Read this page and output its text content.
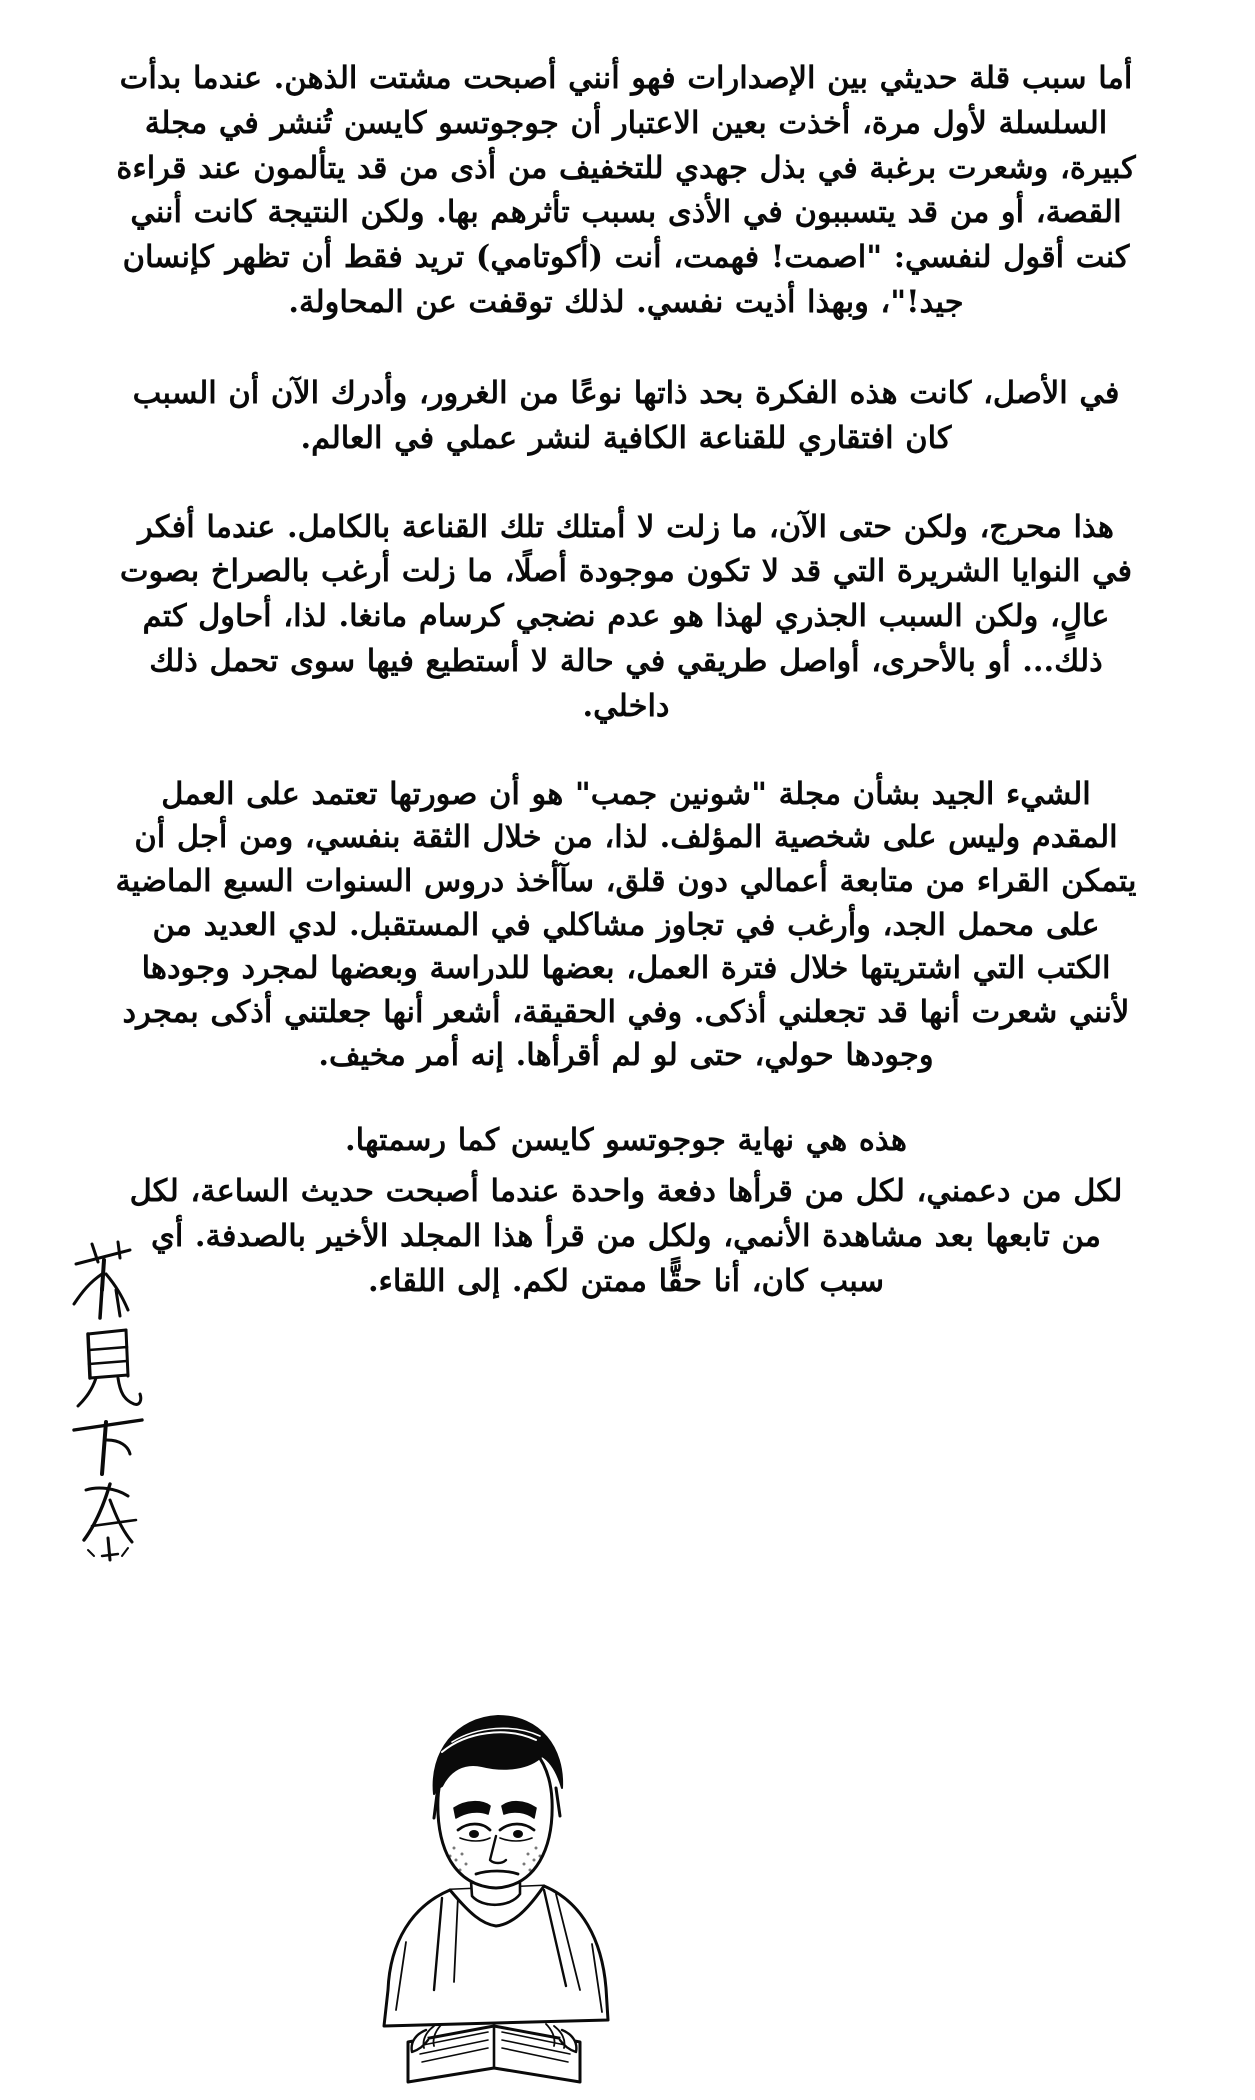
أما سبب قلة حديثي بين الإصدارات فهو أنني أصبحت مشتت الذهن. عندما بدأت السلسلة لأول مرة، أخذت بعين الاعتبار أن جوجوتسو كايسن تُنشر في مجلة كبيرة، وشعرت برغبة في بذل جهدي للتخفيف من أذى من قد يتألمون عند قراءة القصة، أو من قد يتسببون في الأذى بسبب تأثرهم بها. ولكن النتيجة كانت أنني كنت أقول لنفسي: "اصمت! فهمت، أنت (أكوتامي) تريد فقط أن تظهر كإنسان جيد!"، وبهذا أذيت نفسي. لذلك توقفت عن المحاولة.

في الأصل، كانت هذه الفكرة بحد ذاتها نوعًا من الغرور، وأدرك الآن أن السبب كان افتقاري للقناعة الكافية لنشر عملي في العالم.

هذا محرج، ولكن حتى الآن، ما زلت لا أمتلك تلك القناعة بالكامل. عندما أفكر في النوايا الشريرة التي قد لا تكون موجودة أصلًا، ما زلت أرغب بالصراخ بصوت عالٍ، ولكن السبب الجذري لهذا هو عدم نضجي كرسام مانغا. لذا، أحاول كتم ذلك... أو بالأحرى، أواصل طريقي في حالة لا أستطيع فيها سوى تحمل ذلك داخلي.

الشيء الجيد بشأن مجلة "شونين جمب" هو أن صورتها تعتمد على العمل المقدم وليس على شخصية المؤلف. لذا، من خلال الثقة بنفسي، ومن أجل أن يتمكن القراء من متابعة أعمالي دون قلق، سآأخذ دروس السنوات السبع الماضية على محمل الجد، وأرغب في تجاوز مشاكلي في المستقبل. لدي العديد من الكتب التي اشتريتها خلال فترة العمل، بعضها للدراسة وبعضها لمجرد وجودها لأنني شعرت أنها قد تجعلني أذكى. وفي الحقيقة، أشعر أنها جعلتني أذكى بمجرد وجودها حولي، حتى لو لم أقرأها. إنه أمر مخيف.

هذه هي نهاية جوجوتسو كايسن كما رسمتها.

لكل من دعمني، لكل من قرأها دفعة واحدة عندما أصبحت حديث الساعة، لكل من تابعها بعد مشاهدة الأنمي، ولكل من قرأ هذا المجلد الأخير بالصدفة. أي سبب كان، أنا حقًّا ممتن لكم. إلى اللقاء.
